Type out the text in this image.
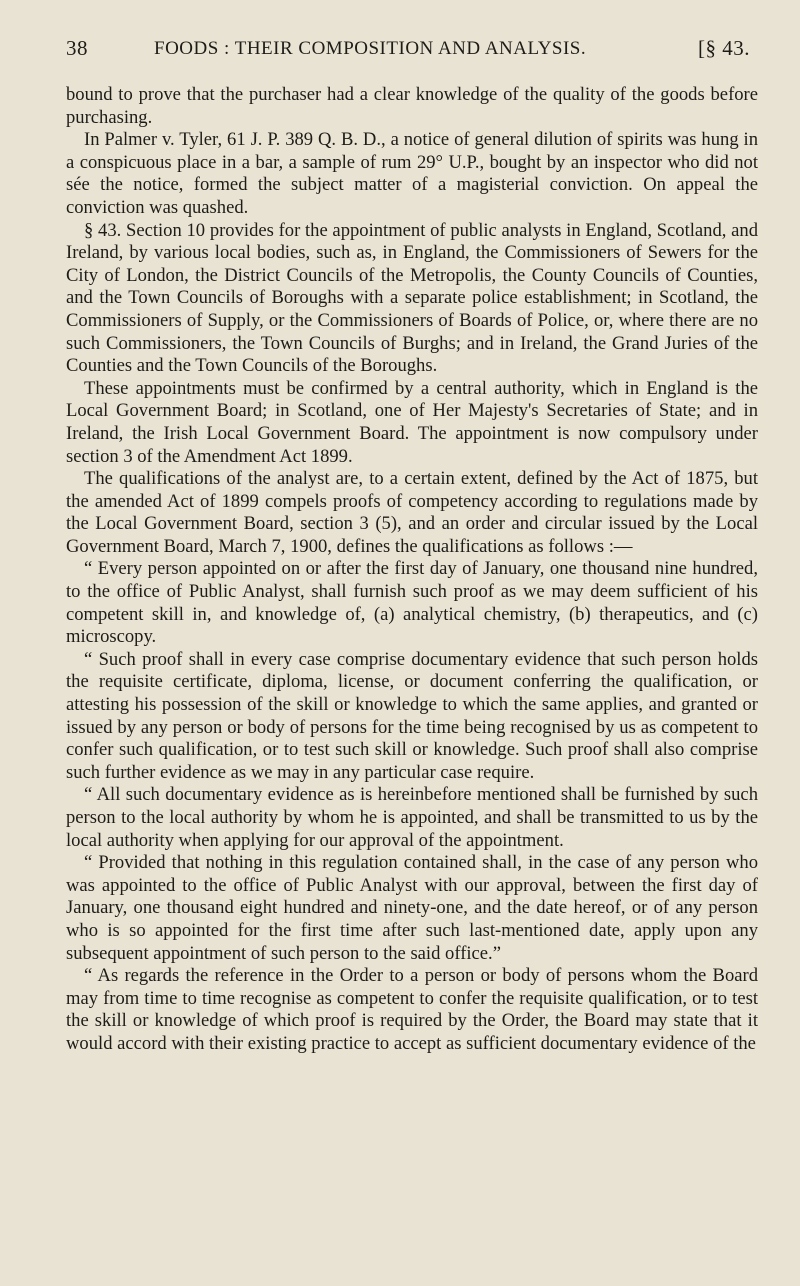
38	FOODS : THEIR COMPOSITION AND ANALYSIS.	[§ 43.

bound to prove that the purchaser had a clear knowledge of the quality of the goods before purchasing.

In Palmer v. Tyler, 61 J. P. 389 Q. B. D., a notice of general dilution of spirits was hung in a conspicuous place in a bar, a sample of rum 29° U.P., bought by an inspector who did not sée the notice, formed the subject matter of a magisterial conviction. On appeal the conviction was quashed.

§ 43. Section 10 provides for the appointment of public analysts in England, Scotland, and Ireland, by various local bodies, such as, in England, the Commissioners of Sewers for the City of London, the District Councils of the Metropolis, the County Councils of Counties, and the Town Councils of Boroughs with a separate police establishment; in Scotland, the Commissioners of Supply, or the Commissioners of Boards of Police, or, where there are no such Commissioners, the Town Councils of Burghs; and in Ireland, the Grand Juries of the Counties and the Town Councils of the Boroughs.

These appointments must be confirmed by a central authority, which in England is the Local Government Board; in Scotland, one of Her Majesty's Secretaries of State; and in Ireland, the Irish Local Government Board. The appointment is now compulsory under section 3 of the Amendment Act 1899.

The qualifications of the analyst are, to a certain extent, defined by the Act of 1875, but the amended Act of 1899 compels proofs of competency according to regulations made by the Local Government Board, section 3 (5), and an order and circular issued by the Local Government Board, March 7, 1900, defines the qualifications as follows :—

“ Every person appointed on or after the first day of January, one thousand nine hundred, to the office of Public Analyst, shall furnish such proof as we may deem sufficient of his competent skill in, and knowledge of, (a) analytical chemistry, (b) therapeutics, and (c) microscopy.

“ Such proof shall in every case comprise documentary evidence that such person holds the requisite certificate, diploma, license, or document conferring the qualification, or attesting his possession of the skill or knowledge to which the same applies, and granted or issued by any person or body of persons for the time being recognised by us as competent to confer such qualification, or to test such skill or knowledge. Such proof shall also comprise such further evidence as we may in any particular case require.

“ All such documentary evidence as is hereinbefore mentioned shall be furnished by such person to the local authority by whom he is appointed, and shall be transmitted to us by the local authority when applying for our approval of the appointment.

“ Provided that nothing in this regulation contained shall, in the case of any person who was appointed to the office of Public Analyst with our approval, between the first day of January, one thousand eight hundred and ninety-one, and the date hereof, or of any person who is so appointed for the first time after such last-mentioned date, apply upon any subsequent appointment of such person to the said office.”

“ As regards the reference in the Order to a person or body of persons whom the Board may from time to time recognise as competent to confer the requisite qualification, or to test the skill or knowledge of which proof is required by the Order, the Board may state that it would accord with their existing practice to accept as sufficient documentary evidence of the
